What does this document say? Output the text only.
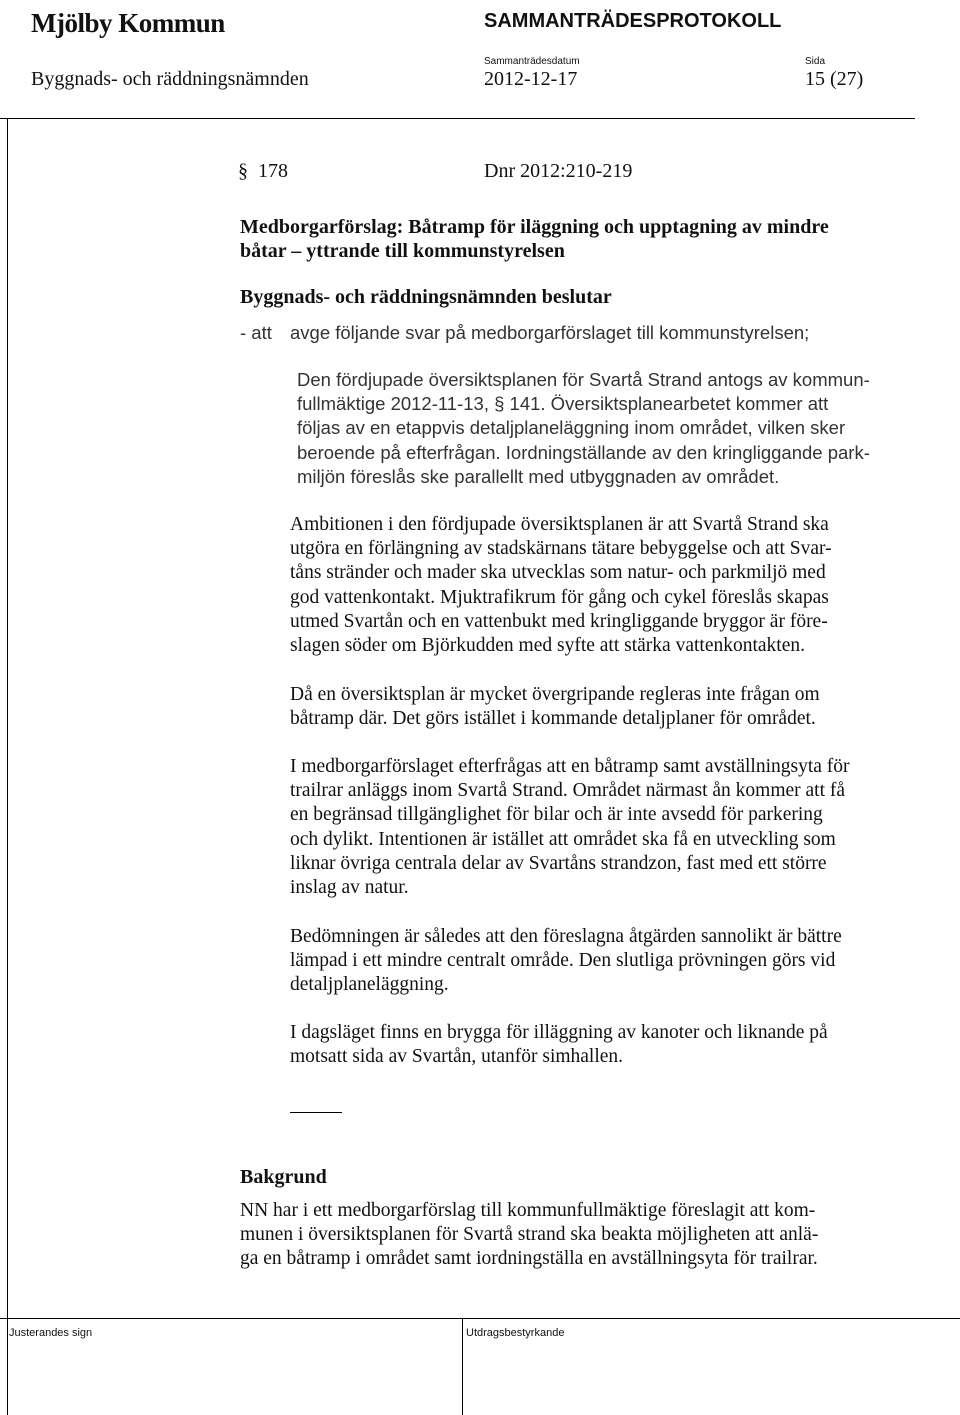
Mjölby Kommun	SAMMANTRÄDESPROTOKOLL
Sammanträdesdatum	Sida
Byggnads- och räddningsnämnden	2012-12-17	15 (27)
§ 178	Dnr 2012:210-219
Medborgarförslag: Båtramp för iläggning och upptagning av mindre
båtar – yttrande till kommunstyrelsen
Byggnads- och räddningsnämnden beslutar
- att avge följande svar på medborgarförslaget till kommunstyrelsen;
Den fördjupade översiktsplanen för Svartå Strand antogs av kommun-
fullmäktige 2012-11-13, § 141. Översiktsplanearbetet kommer att
följas av en etappvis detaljplaneläggning inom området, vilken sker
beroende på efterfrågan. Iordningställande av den kringliggande park-
miljön föreslås ske parallellt med utbyggnaden av området.
Ambitionen i den fördjupade översiktsplanen är att Svartå Strand ska
utgöra en förlängning av stadskärnans tätare bebyggelse och att Svar-
tåns stränder och mader ska utvecklas som natur- och parkmiljö med
god vattenkontakt. Mjuktrafikrum för gång och cykel föreslås skapas
utmed Svartån och en vattenbukt med kringliggande bryggor är före-
slagen söder om Björkudden med syfte att stärka vattenkontakten.
Då en översiktsplan är mycket övergripande regleras inte frågan om
båtramp där. Det görs istället i kommande detaljplaner för området.
I medborgarförslaget efterfrågas att en båtramp samt avställningsyta för
trailrar anläggs inom Svartå Strand. Området närmast ån kommer att få
en begränsad tillgänglighet för bilar och är inte avsedd för parkering
och dylikt. Intentionen är istället att området ska få en utveckling som
liknar övriga centrala delar av Svartåns strandzon, fast med ett större
inslag av natur.
Bedömningen är således att den föreslagna åtgärden sannolikt är bättre
lämpad i ett mindre centralt område. Den slutliga prövningen görs vid
detaljplaneläggning.
I dagsläget finns en brygga för illäggning av kanoter och liknande på
motsatt sida av Svartån, utanför simhallen.
Bakgrund
NN har i ett medborgarförslag till kommunfullmäktige föreslagit att kom-
munen i översiktsplanen för Svartå strand ska beakta möjligheten att anlä-
ga en båtramp i området samt iordningställa en avställningsyta för trailrar.
Justerandes sign	Utdragsbestyrkande
